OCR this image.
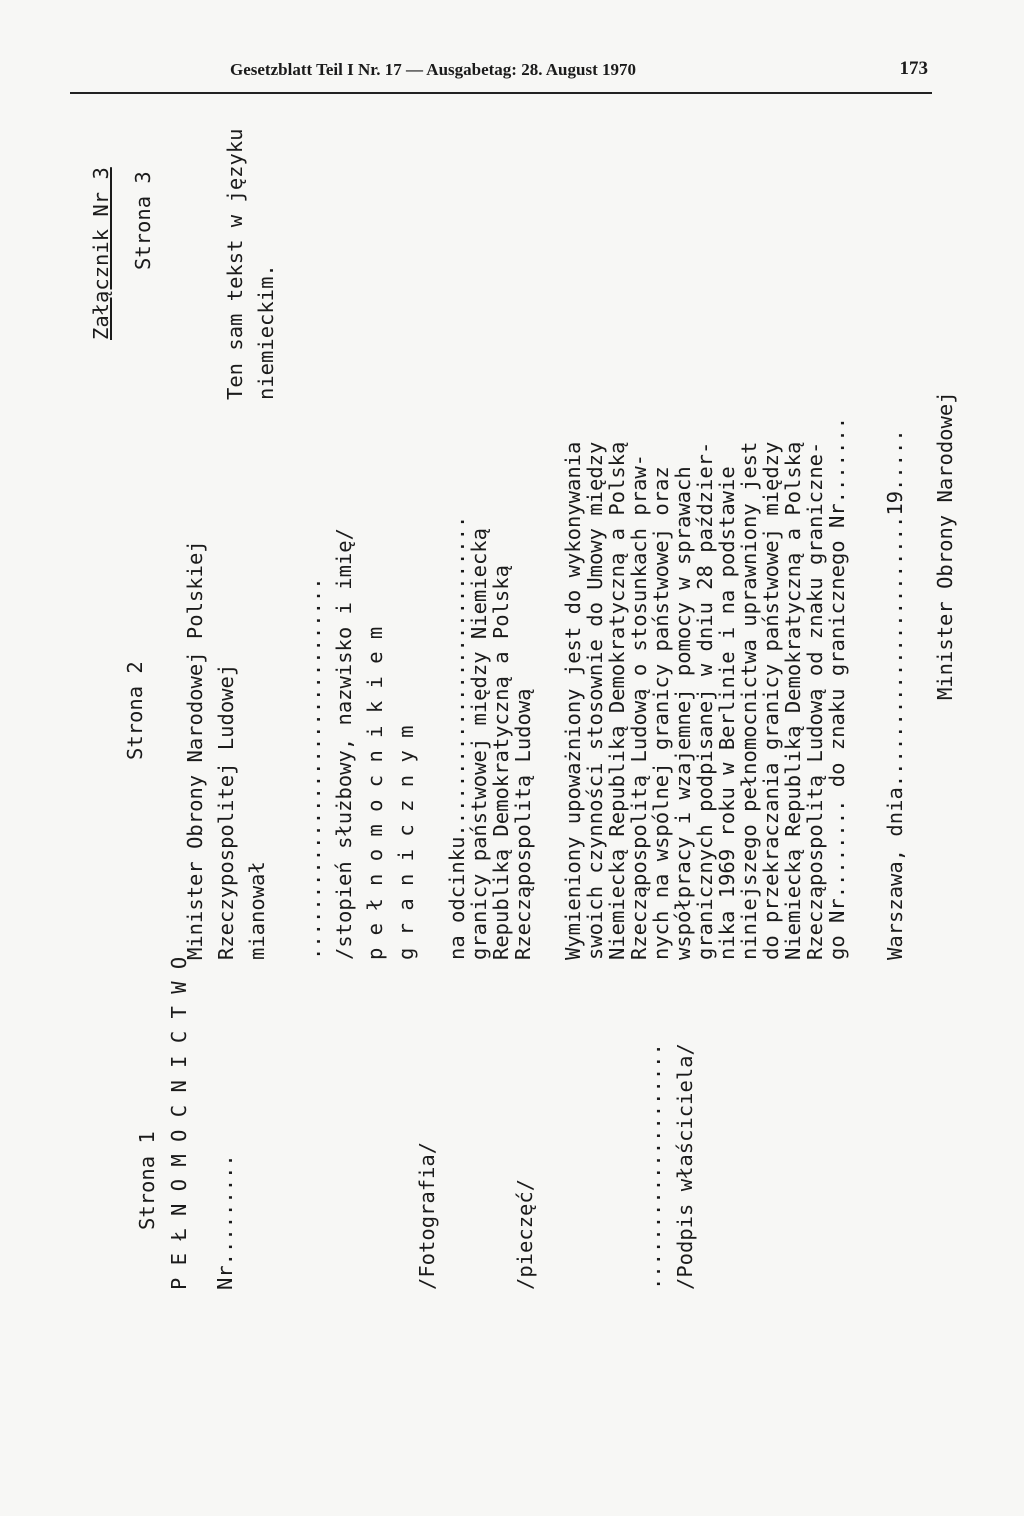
Gesetzblatt Teil I Nr. 17 — Ausgabetag: 28. August 1970	173

Strona 1

P E Ł N O M O C N I C T W O

Nr.........

	/Fotografia/

	/pieczęć/

	....................

/Podpis właściciela/

Strona 2

Minister Obrony Narodowej Polskiej

Rzeczypospolitej Ludowej

mianował

...............................

/stopień służbowy, nazwisko i imię/

p e ł n o m o c n i k i e m

g r a n i c z n y m

na odcinku..........................

granicy państwowej między Niemiecką

Republiką Demokratyczną a Polską

Rzecząpospolitą Ludową

Wymieniony upoważniony jest do wykonywania

swoich czynności stosownie do Umowy między

Niemiecką Republiką Demokratyczną a Polską

Rzecząpospolitą Ludową o stosunkach praw-

nych na wspólnej granicy państwowej oraz

współpracy i wzajemnej pomocy w sprawach

granicznych podpisanej w dniu 28 paździer-

nika 1969 roku w Berlinie i na podstawie

niniejszego pełnomocnictwa uprawniony jest

do przekraczania granicy państwowej między

Niemiecką Republiką Demokratyczną a Polską

Rzecząpospolitą Ludową od znaku graniczne-

go Nr........ do znaku granicznego Nr.......

Warszawa, dnia......................19.....

Minister Obrony Narodowej

Załącznik Nr 3

Strona 3

	Ten sam tekst w języku

niemieckim.
